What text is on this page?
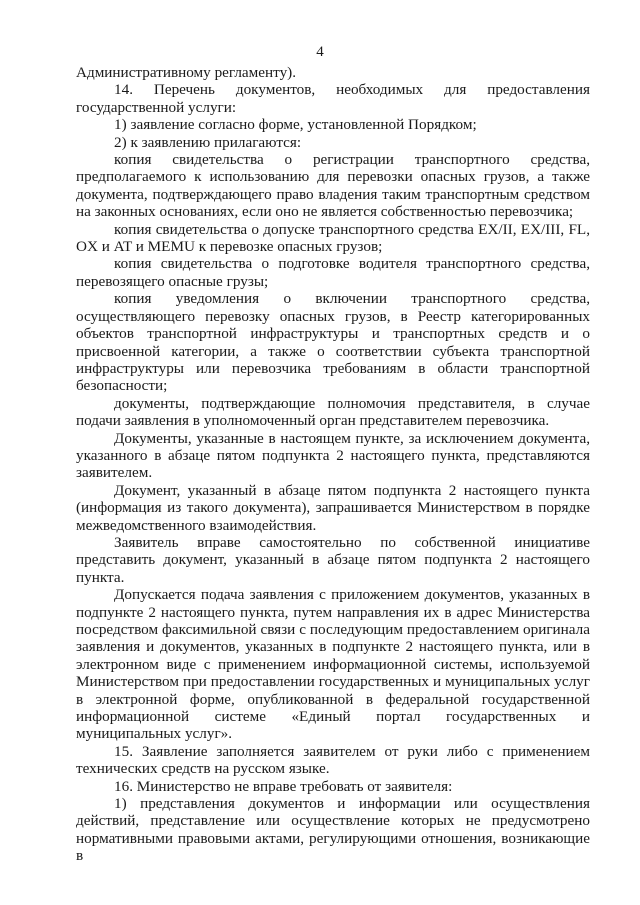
4

Административному регламенту).

14. Перечень документов, необходимых для предоставления государственной услуги:

1) заявление согласно форме, установленной Порядком;

2) к заявлению прилагаются:

копия свидетельства о регистрации транспортного средства, предполагаемого к использованию для перевозки опасных грузов, а также документа, подтверждающего право владения таким транспортным средством на законных основаниях, если оно не является собственностью перевозчика;

копия свидетельства о допуске транспортного средства EX/II, EX/III, FL, OX и AT и MEMU к перевозке опасных грузов;

копия свидетельства о подготовке водителя транспортного средства, перевозящего опасные грузы;

копия уведомления о включении транспортного средства, осуществляющего перевозку опасных грузов, в Реестр категорированных объектов транспортной инфраструктуры и транспортных средств и о присвоенной категории, а также о соответствии субъекта транспортной инфраструктуры или перевозчика требованиям в области транспортной безопасности;

документы, подтверждающие полномочия представителя, в случае подачи заявления в уполномоченный орган представителем перевозчика.

Документы, указанные в настоящем пункте, за исключением документа, указанного в абзаце пятом подпункта 2 настоящего пункта, представляются заявителем.

Документ, указанный в абзаце пятом подпункта 2 настоящего пункта (информация из такого документа), запрашивается Министерством в порядке межведомственного взаимодействия.

Заявитель вправе самостоятельно по собственной инициативе представить документ, указанный в абзаце пятом подпункта 2 настоящего пункта.

Допускается подача заявления с приложением документов, указанных в подпункте 2 настоящего пункта, путем направления их в адрес Министерства посредством факсимильной связи с последующим предоставлением оригинала заявления и документов, указанных в подпункте 2 настоящего пункта, или в электронном виде с применением информационной системы, используемой Министерством при предоставлении государственных и муниципальных услуг в электронной форме, опубликованной в федеральной государственной информационной системе «Единый портал государственных и муниципальных услуг».

15. Заявление заполняется заявителем от руки либо с применением технических средств на русском языке.

16. Министерство не вправе требовать от заявителя:

1) представления документов и информации или осуществления действий, представление или осуществление которых не предусмотрено нормативными правовыми актами, регулирующими отношения, возникающие в
